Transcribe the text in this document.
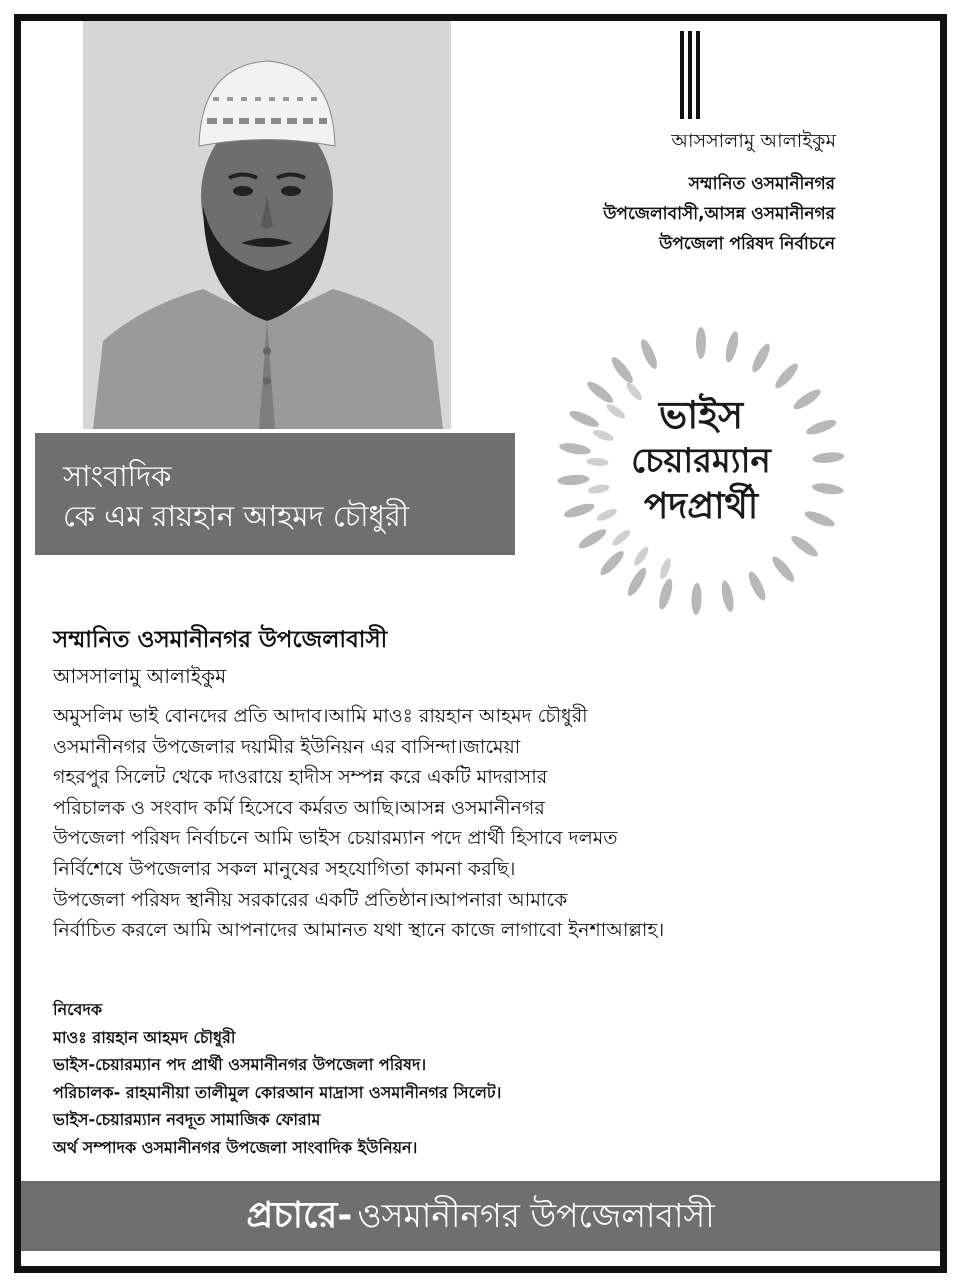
সাংবাদিক
কে এম রায়হান আহমদ চৌধুরী
আসসালামু আলাইকুম
সম্মানিত ওসমানীনগর
উপজেলাবাসী,আসন্ন ওসমানীনগর
উপজেলা পরিষদ নির্বাচনে
ভাইস
চেয়ারম্যান
পদপ্রার্থী
সম্মানিত ওসমানীনগর উপজেলাবাসী
আসসালামু আলাইকুম
অমুসলিম ভাই বোনদের প্রতি আদাব।আমি মাওঃ রায়হান আহমদ চৌধুরী
ওসমানীনগর উপজেলার দয়ামীর ইউনিয়ন এর বাসিন্দা।জামেয়া
গহরপুর সিলেট থেকে দাওরায়ে হাদীস সম্পন্ন করে একটি মাদরাসার
পরিচালক ও সংবাদ কর্মি হিসেবে কর্মরত আছি।আসন্ন ওসমানীনগর
উপজেলা পরিষদ নির্বাচনে আমি ভাইস চেয়ারম্যান পদে প্রার্থী হিসাবে দলমত
নির্বিশেষে উপজেলার সকল মানুষের সহযোগিতা কামনা করছি।
উপজেলা পরিষদ স্থানীয় সরকারের একটি প্রতিষ্ঠান।আপনারা আমাকে
নির্বাচিত করলে আমি আপনাদের আমানত যথা স্থানে কাজে লাগাবো ইনশাআল্লাহ।
নিবেদক
মাওঃ রায়হান আহমদ চৌধুরী
ভাইস-চেয়ারম্যান পদ প্রার্থী ওসমানীনগর উপজেলা পরিষদ।
পরিচালক- রাহমানীয়া তালীমুল কোরআন মাদ্রাসা ওসমানীনগর সিলেট।
ভাইস-চেয়ারম্যান নবদূত সামাজিক ফোরাম
অর্থ সম্পাদক ওসমানীনগর উপজেলা সাংবাদিক ইউনিয়ন।
প্রচারে- ওসমানীনগর উপজেলাবাসী
